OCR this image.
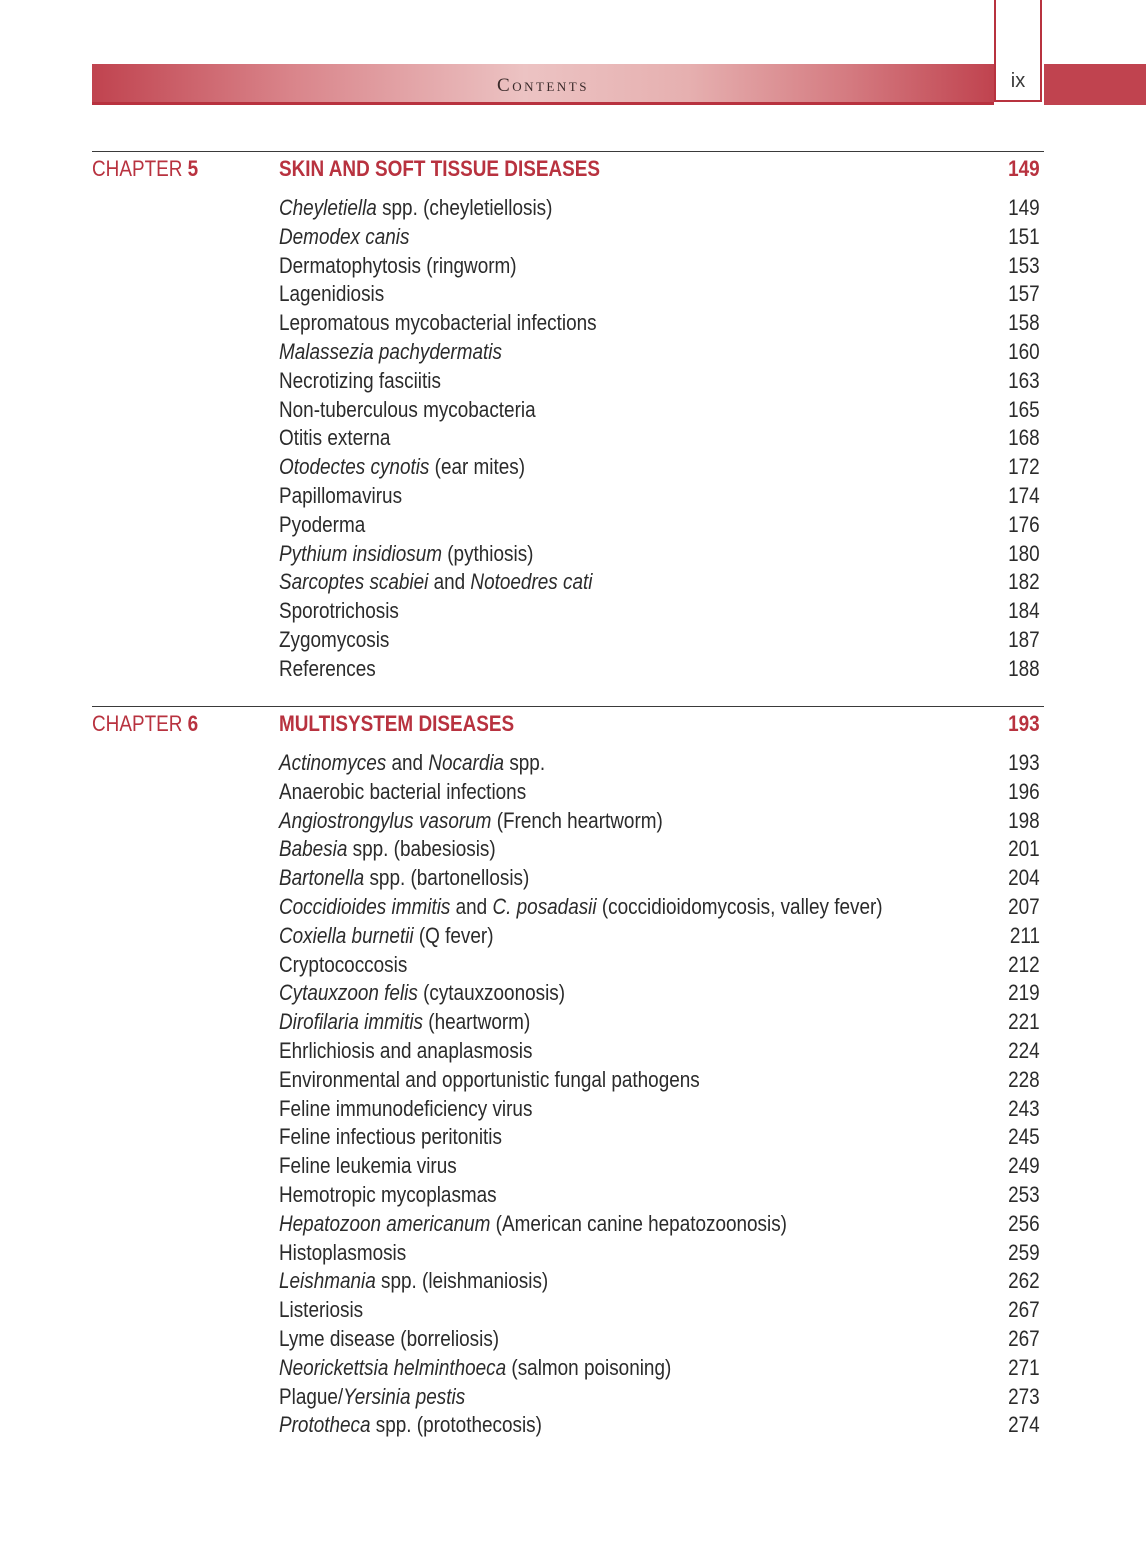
Contents	ix
CHAPTER 5	SKIN AND SOFT TISSUE DISEASES	149
Cheyletiella spp. (cheyletiellosis)	149
Demodex canis	151
Dermatophytosis (ringworm)	153
Lagenidiosis	157
Lepromatous mycobacterial infections	158
Malassezia pachydermatis	160
Necrotizing fasciitis	163
Non-tuberculous mycobacteria	165
Otitis externa	168
Otodectes cynotis (ear mites)	172
Papillomavirus	174
Pyoderma	176
Pythium insidiosum (pythiosis)	180
Sarcoptes scabiei and Notoedres cati	182
Sporotrichosis	184
Zygomycosis	187
References	188
CHAPTER 6	MULTISYSTEM DISEASES	193
Actinomyces and Nocardia spp.	193
Anaerobic bacterial infections	196
Angiostrongylus vasorum (French heartworm)	198
Babesia spp. (babesiosis)	201
Bartonella spp. (bartonellosis)	204
Coccidioides immitis and C. posadasii (coccidioidomycosis, valley fever)	207
Coxiella burnetii (Q fever)	211
Cryptococcosis	212
Cytauxzoon felis (cytauxzoonosis)	219
Dirofilaria immitis (heartworm)	221
Ehrlichiosis and anaplasmosis	224
Environmental and opportunistic fungal pathogens	228
Feline immunodeficiency virus	243
Feline infectious peritonitis	245
Feline leukemia virus	249
Hemotropic mycoplasmas	253
Hepatozoon americanum (American canine hepatozoonosis)	256
Histoplasmosis	259
Leishmania spp. (leishmaniosis)	262
Listeriosis	267
Lyme disease (borreliosis)	267
Neorickettsia helminthoeca (salmon poisoning)	271
Plague/Yersinia pestis	273
Prototheca spp. (protothecosis)	274
